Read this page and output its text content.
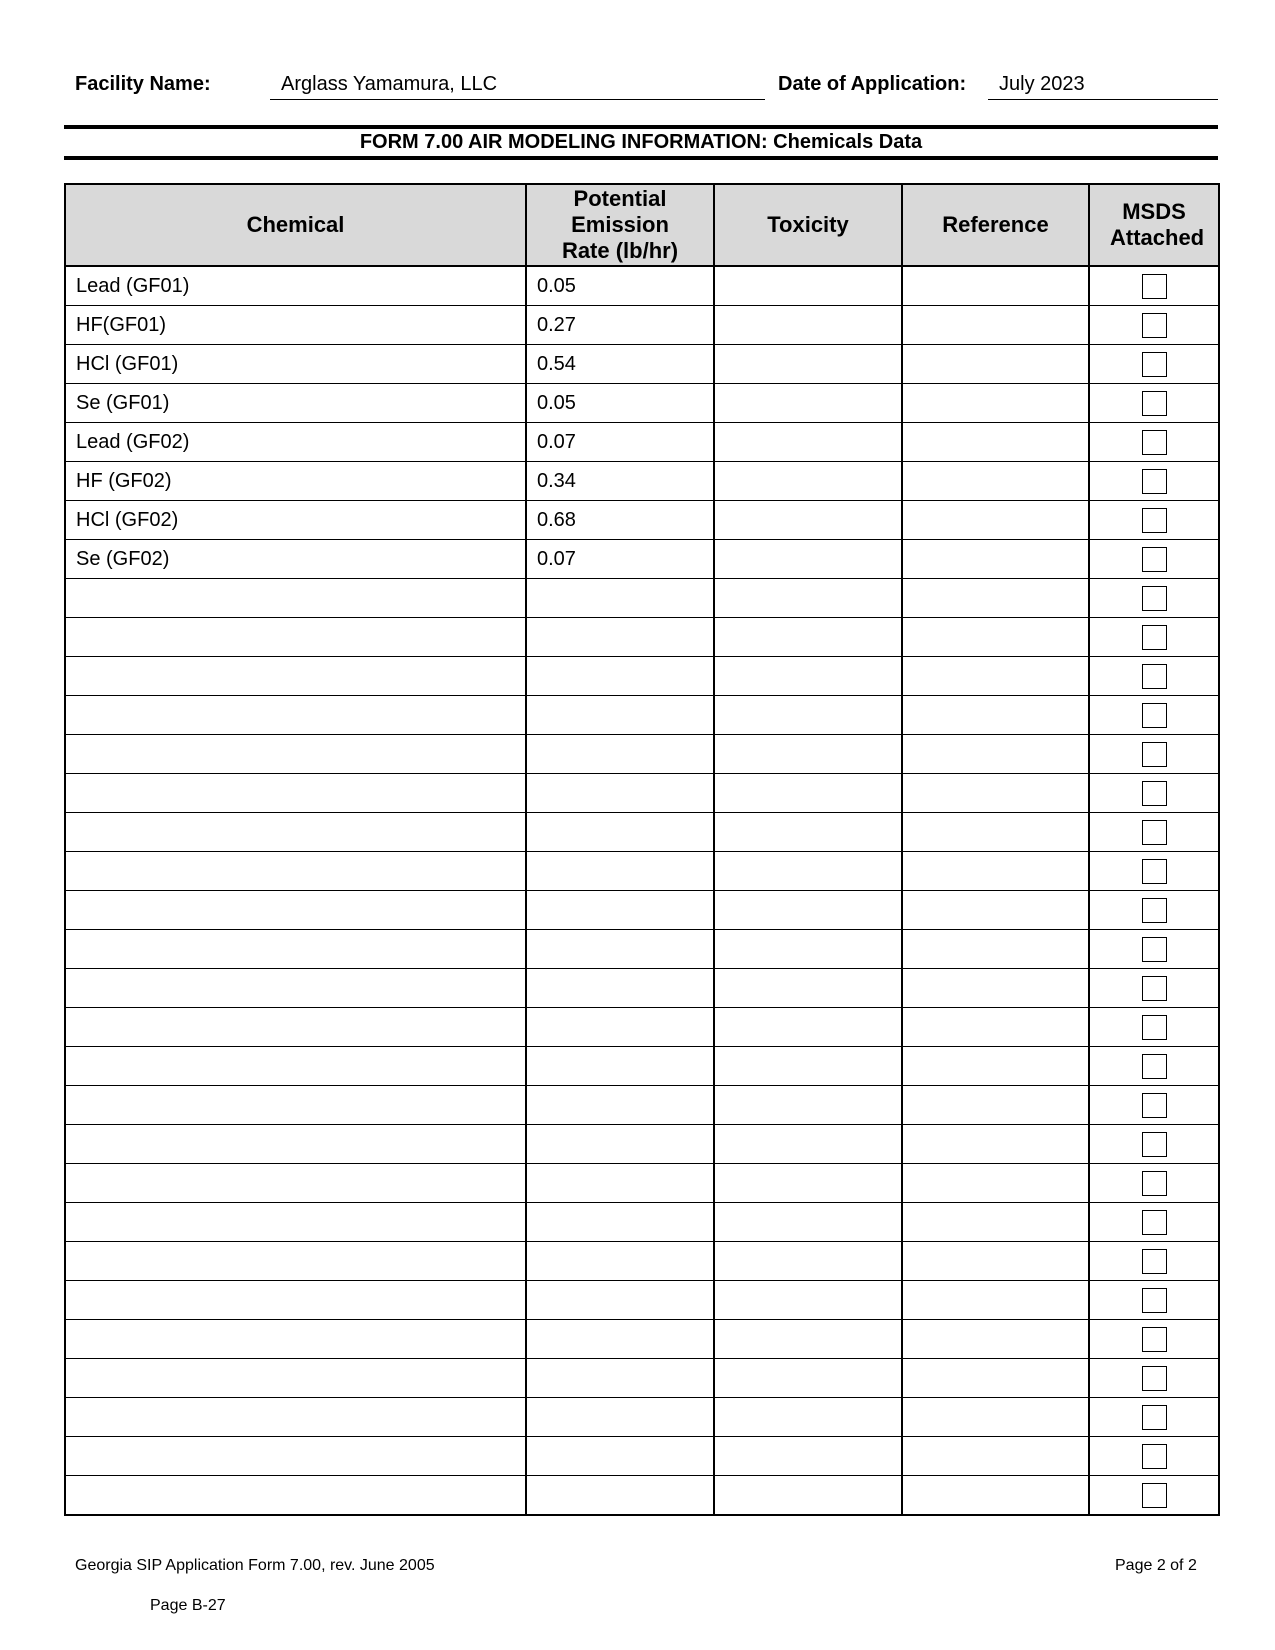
Facility Name:	Arglass Yamamura, LLC	Date of Application: July 2023
FORM 7.00 AIR MODELING INFORMATION: Chemicals Data
Chemical	Potential Emission Rate (lb/hr)	Toxicity	Reference	MSDS Attached
Lead (GF01)	0.05			
HF(GF01)	0.27			
HCl (GF01)	0.54			
Se (GF01)	0.05			
Lead (GF02)	0.07			
HF (GF02)	0.34			
HCl (GF02)	0.68			
Se (GF02)	0.07			

Georgia SIP Application Form 7.00, rev. June 2005	Page 2 of 2
Page B-27
